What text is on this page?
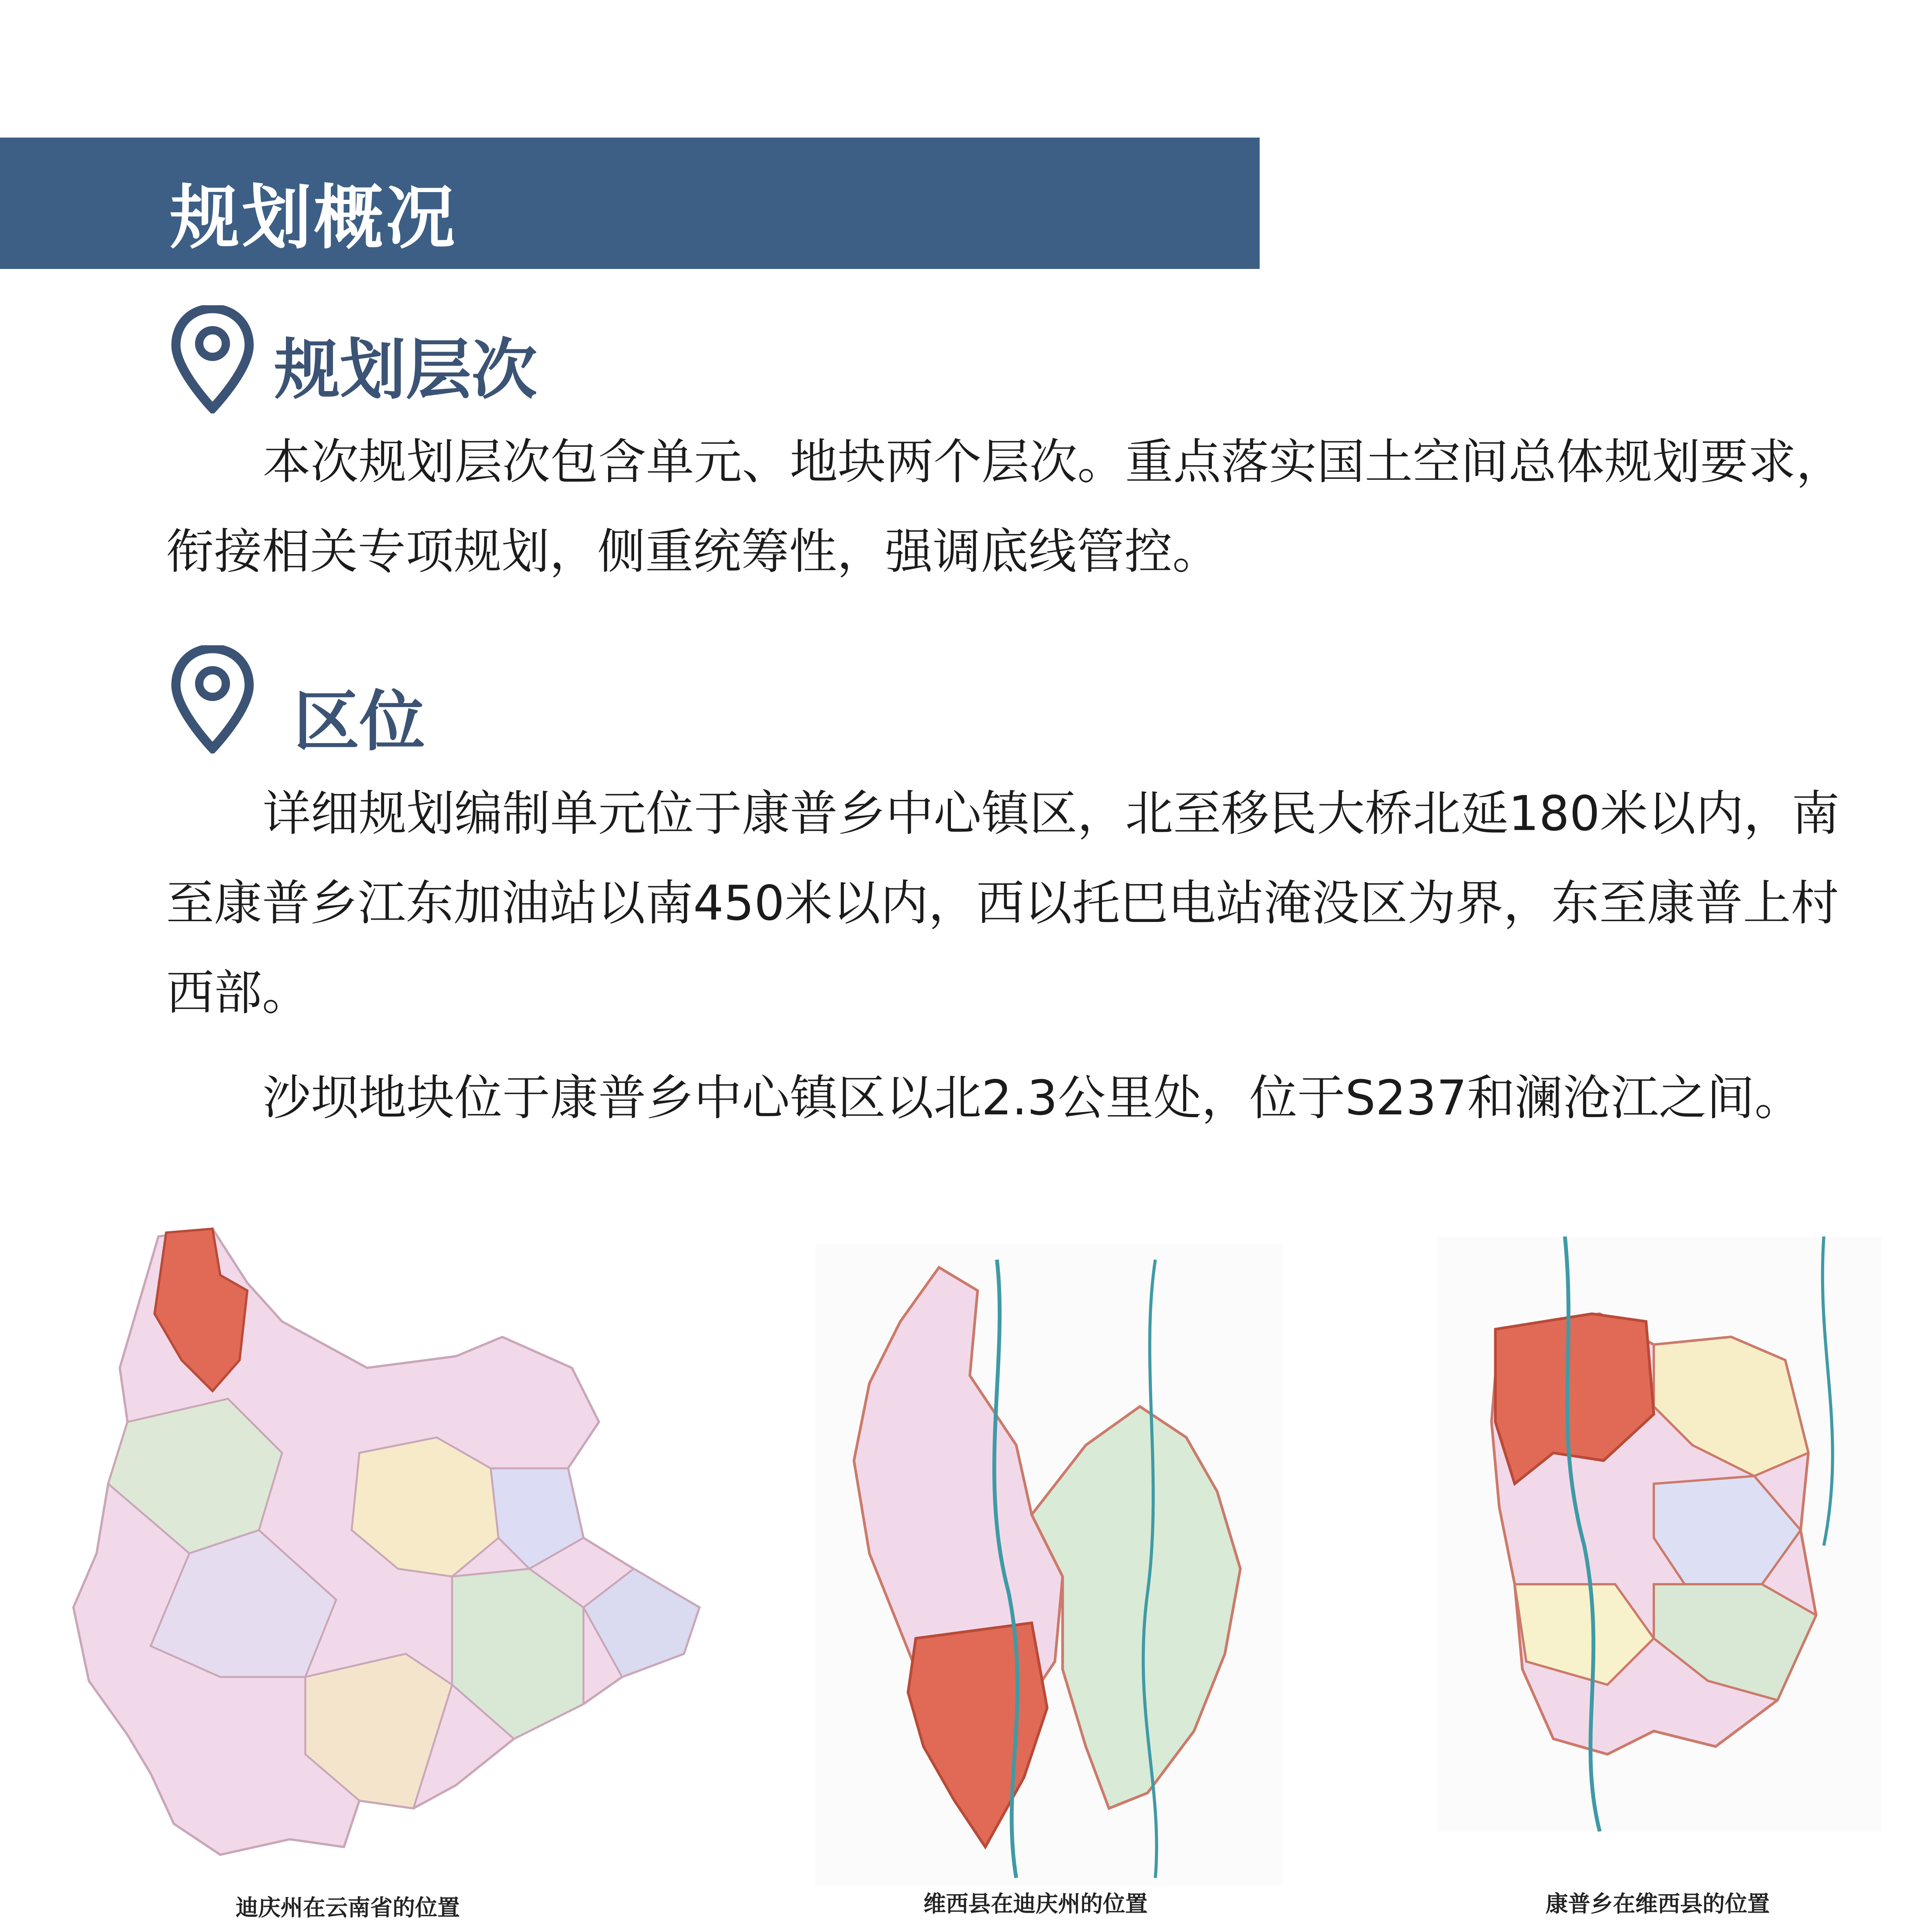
规划概况
规划层次

本次规划层次包含单元、地块两个层次。重点落实国土空间总体规划要求，衔接相关专项规划，侧重统筹性，强调底线管控。

区位

详细规划编制单元位于康普乡中心镇区，北至移民大桥北延180米以内，南至康普乡江东加油站以南450米以内，西以托巴电站淹没区为界，东至康普上村西部。

沙坝地块位于康普乡中心镇区以北2.3公里处，位于S237和澜沧江之间。

迪庆州在云南省的位置	维西县在迪庆州的位置	康普乡在维西县的位置
